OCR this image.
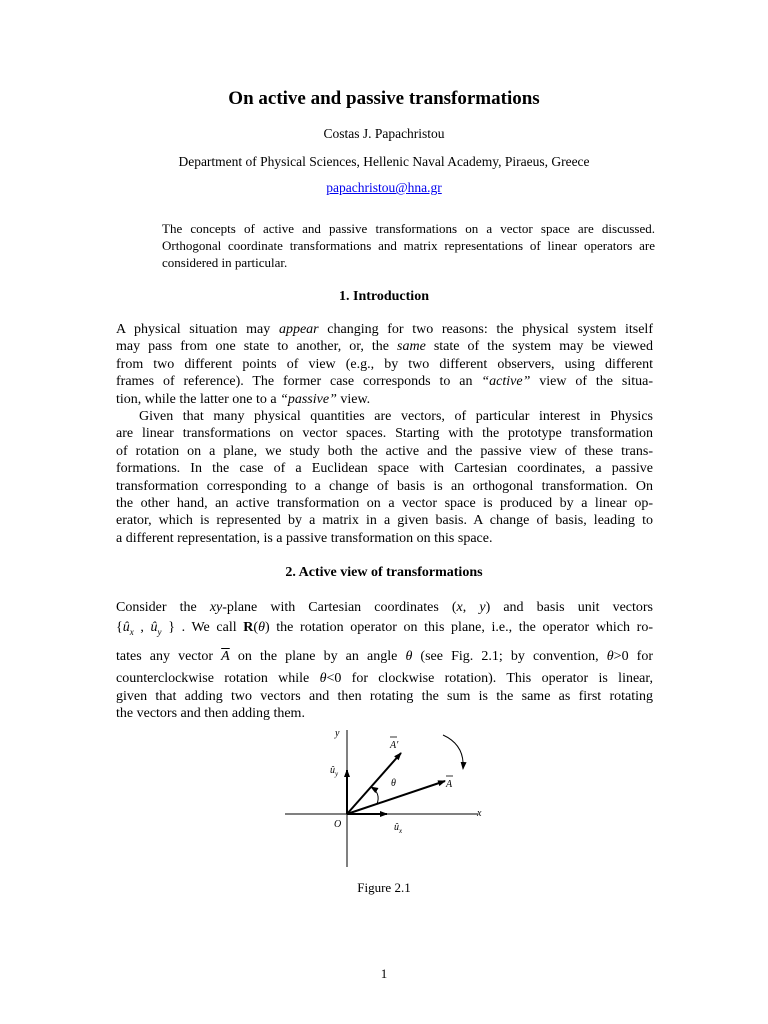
On active and passive transformations
Costas J. Papachristou
Department of Physical Sciences, Hellenic Naval Academy, Piraeus, Greece
papachristou@hna.gr
The concepts of active and passive transformations on a vector space are discussed. Orthogonal coordinate transformations and matrix representations of linear operators are considered in particular.
1. Introduction
A physical situation may appear changing for two reasons: the physical system itself
may pass from one state to another, or, the same state of the system may be viewed
from two different points of view (e.g., by two different observers, using different
frames of reference). The former case corresponds to an “active” view of the situa-
tion, while the latter one to a “passive” view.
Given that many physical quantities are vectors, of particular interest in Physics
are linear transformations on vector spaces. Starting with the prototype transformation
of rotation on a plane, we study both the active and the passive view of these trans-
formations. In the case of a Euclidean space with Cartesian coordinates, a passive
transformation corresponding to a change of basis is an orthogonal transformation. On
the other hand, an active transformation on a vector space is produced by a linear op-
erator, which is represented by a matrix in a given basis. A change of basis, leading to
a different representation, is a passive transformation on this space.
2. Active view of transformations
Consider the xy-plane with Cartesian coordinates (x, y) and basis unit vectors
{$û_x$ , $û_y$ } . We call R(θ) the rotation operator on this plane, i.e., the operator which ro-
tates any vector $\overline{A}$ on the plane by an angle θ (see Fig. 2.1; by convention, θ>0 for
counterclockwise rotation while θ<0 for clockwise rotation). This operator is linear,
given that adding two vectors and then rotating the sum is the same as first rotating
the vectors and then adding them.
y
x
O
A
A′
θ
$û_y$
$û_x$
Figure 2.1
1
